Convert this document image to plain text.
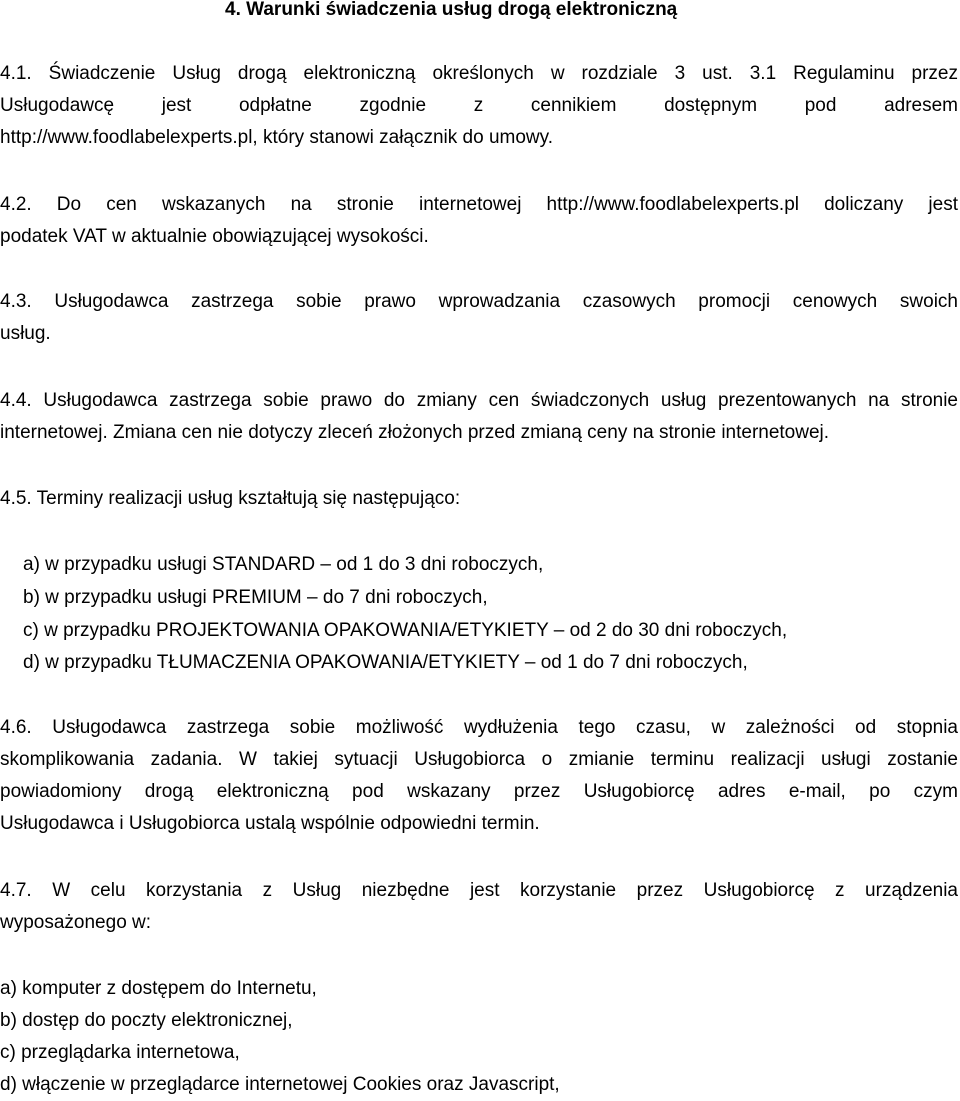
4. Warunki świadczenia usług drogą elektroniczną
4.1. Świadczenie Usług drogą elektroniczną określonych w rozdziale 3 ust. 3.1 Regulaminu przez
Usługodawcę jest odpłatne zgodnie z cennikiem dostępnym pod adresem
http://www.foodlabelexperts.pl, który stanowi załącznik do umowy.
4.2. Do cen wskazanych na stronie internetowej http://www.foodlabelexperts.pl doliczany jest
podatek VAT w aktualnie obowiązującej wysokości.
4.3. Usługodawca zastrzega sobie prawo wprowadzania czasowych promocji cenowych swoich
usług.
4.4. Usługodawca zastrzega sobie prawo do zmiany cen świadczonych usług prezentowanych na stronie
internetowej. Zmiana cen nie dotyczy zleceń złożonych przed zmianą ceny na stronie internetowej.
4.5. Terminy realizacji usług kształtują się następująco:
a) w przypadku usługi STANDARD – od 1 do 3 dni roboczych,
b) w przypadku usługi PREMIUM – do 7 dni roboczych,
c) w przypadku PROJEKTOWANIA OPAKOWANIA/ETYKIETY – od 2 do 30 dni roboczych,
d) w przypadku TŁUMACZENIA OPAKOWANIA/ETYKIETY – od 1 do 7 dni roboczych,
4.6. Usługodawca zastrzega sobie możliwość wydłużenia tego czasu, w zależności od stopnia
skomplikowania zadania. W takiej sytuacji Usługobiorca o zmianie terminu realizacji usługi zostanie
powiadomiony drogą elektroniczną pod wskazany przez Usługobiorcę adres e-mail, po czym
Usługodawca i Usługobiorca ustalą wspólnie odpowiedni termin.
4.7. W celu korzystania z Usług niezbędne jest korzystanie przez Usługobiorcę z urządzenia
wyposażonego w:
a) komputer z dostępem do Internetu,
b) dostęp do poczty elektronicznej,
c) przeglądarka internetowa,
d) włączenie w przeglądarce internetowej Cookies oraz Javascript,
